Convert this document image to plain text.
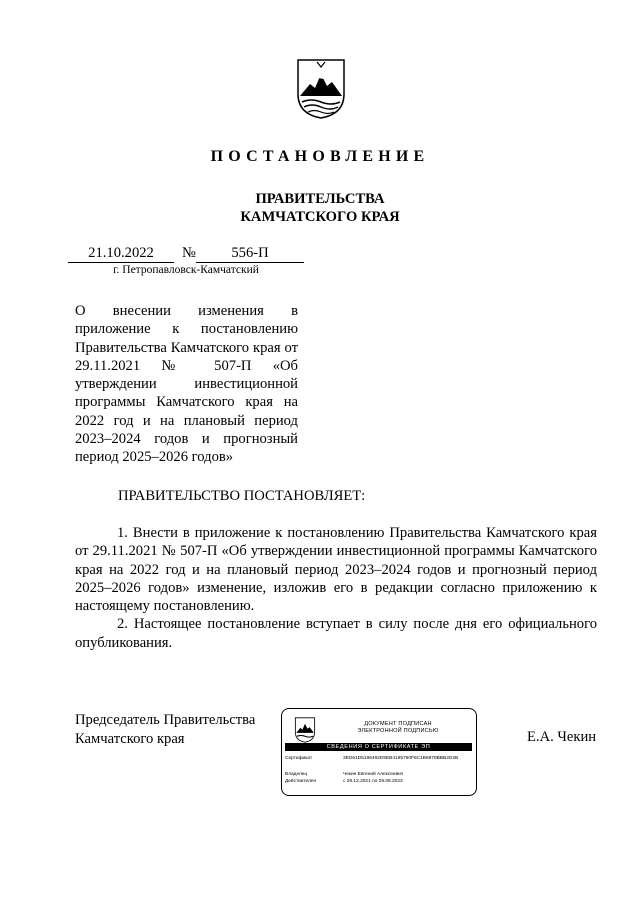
ПОСТАНОВЛЕНИЕ
ПРАВИТЕЛЬСТВА
КАМЧАТСКОГО КРАЯ
21.10.2022	№	556-П
г. Петропавловск-Камчатский
О внесении изменения в приложение к постановлению Правительства Камчатского края от 29.11.2021 № 507-П «Об утверждении инвестиционной программы Камчатского края на 2022 год и на плановый период 2023–2024 годов и прогнозный период 2025–2026 годов»
ПРАВИТЕЛЬСТВО ПОСТАНОВЛЯЕТ:

1. Внести в приложение к постановлению Правительства Камчатского края от 29.11.2021 № 507-П «Об утверждении инвестиционной программы Камчатского края на 2022 год и на плановый период 2023–2024 годов и прогнозный период 2025–2026 годов» изменение, изложив его в редакции согласно приложению к настоящему постановлению.

2. Настоящее постановление вступает в силу после дня его официального опубликования.

Председатель Правительства
Камчатского края	Е.А. Чекин
ДОКУМЕНТ ПОДПИСАН
ЭЛЕКТРОННОЙ ПОДПИСЬЮ
СВЕДЕНИЯ О СЕРТИФИКАТЕ ЭП
Сертификат	3ED61D5186492D9EB4195760F6C1B6978BBB2D2B
Владелец	Чекин Евгений Алексеевич
Действителен	с 29.12.2021 по 29.08.2023
